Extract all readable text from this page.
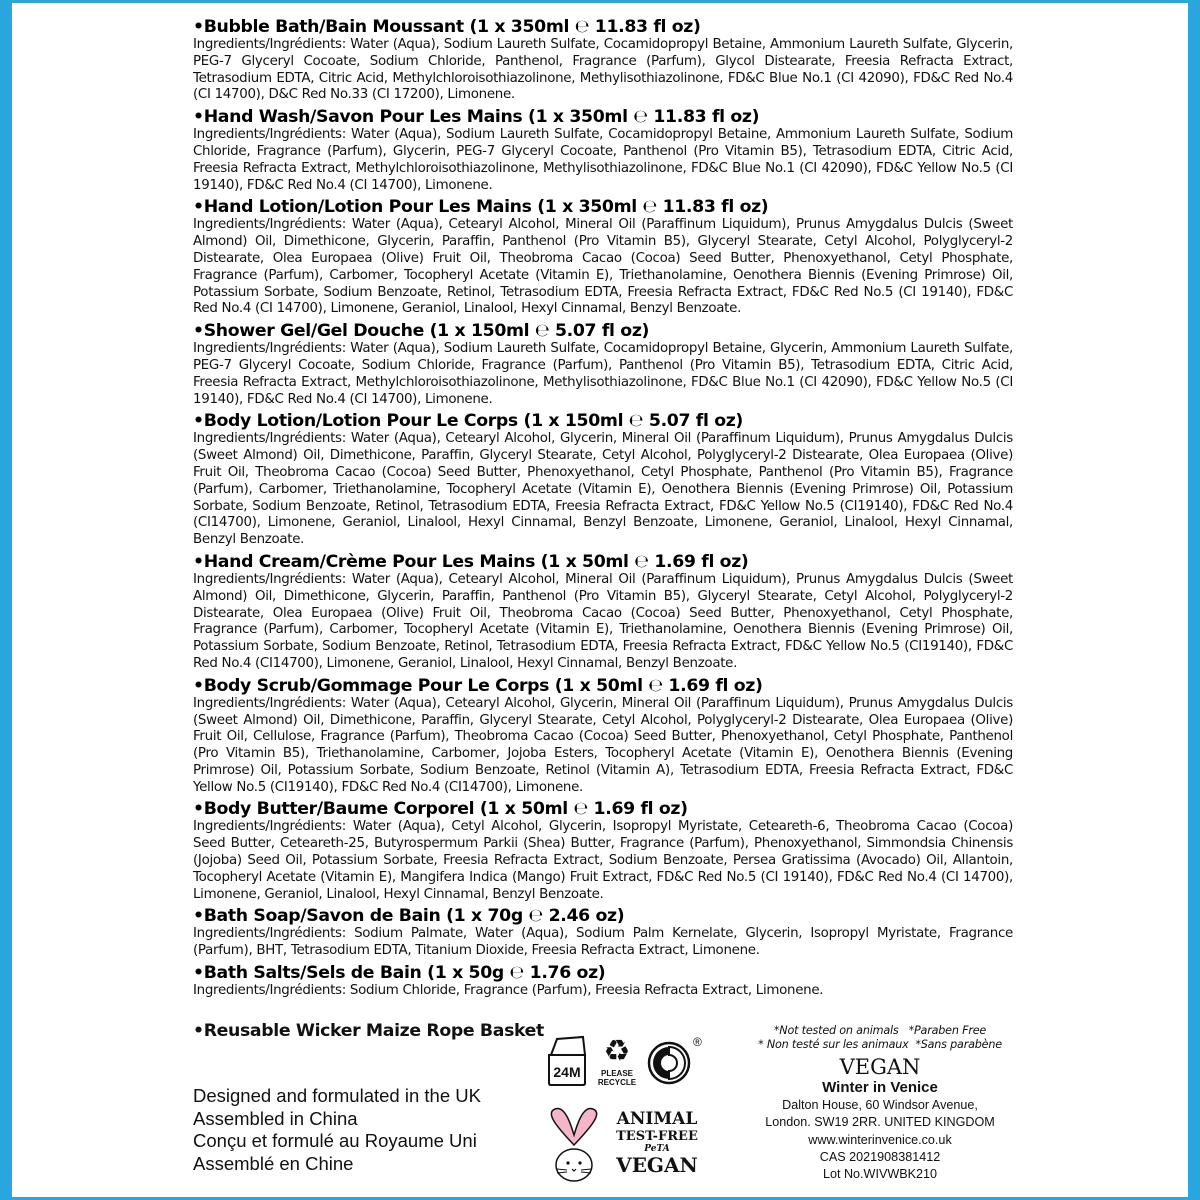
•Bubble Bath/Bain Moussant (1 x 350ml ℮ 11.83 fl oz)
Ingredients/Ingrédients: Water (Aqua), Sodium Laureth Sulfate, Cocamidopropyl Betaine, Ammonium Laureth Sulfate, Glycerin, PEG-7 Glyceryl Cocoate, Sodium Chloride, Panthenol, Fragrance (Parfum), Glycol Distearate, Freesia Refracta Extract, Tetrasodium EDTA, Citric Acid, Methylchloroisothiazolinone, Methylisothiazolinone, FD&C Blue No.1 (CI 42090), FD&C Red No.4 (CI 14700), D&C Red No.33 (CI 17200), Limonene.
•Hand Wash/Savon Pour Les Mains (1 x 350ml ℮ 11.83 fl oz)
Ingredients/Ingrédients: Water (Aqua), Sodium Laureth Sulfate, Cocamidopropyl Betaine, Ammonium Laureth Sulfate, Sodium Chloride, Fragrance (Parfum), Glycerin, PEG-7 Glyceryl Cocoate, Panthenol (Pro Vitamin B5), Tetrasodium EDTA, Citric Acid, Freesia Refracta Extract, Methylchloroisothiazolinone, Methylisothiazolinone, FD&C Blue No.1 (CI 42090), FD&C Yellow No.5 (CI 19140), FD&C Red No.4 (CI 14700), Limonene.
•Hand Lotion/Lotion Pour Les Mains (1 x 350ml ℮ 11.83 fl oz)
Ingredients/Ingrédients: Water (Aqua), Cetearyl Alcohol, Mineral Oil (Paraffinum Liquidum), Prunus Amygdalus Dulcis (Sweet Almond) Oil, Dimethicone, Glycerin, Paraffin, Panthenol (Pro Vitamin B5), Glyceryl Stearate, Cetyl Alcohol, Polyglyceryl-2 Distearate, Olea Europaea (Olive) Fruit Oil, Theobroma Cacao (Cocoa) Seed Butter, Phenoxyethanol, Cetyl Phosphate, Fragrance (Parfum), Carbomer, Tocopheryl Acetate (Vitamin E), Triethanolamine, Oenothera Biennis (Evening Primrose) Oil, Potassium Sorbate, Sodium Benzoate, Retinol, Tetrasodium EDTA, Freesia Refracta Extract, FD&C Red No.5 (CI 19140), FD&C Red No.4 (CI 14700), Limonene, Geraniol, Linalool, Hexyl Cinnamal, Benzyl Benzoate.
•Shower Gel/Gel Douche (1 x 150ml ℮ 5.07 fl oz)
Ingredients/Ingrédients: Water (Aqua), Sodium Laureth Sulfate, Cocamidopropyl Betaine, Glycerin, Ammonium Laureth Sulfate, PEG-7 Glyceryl Cocoate, Sodium Chloride, Fragrance (Parfum), Panthenol (Pro Vitamin B5), Tetrasodium EDTA, Citric Acid, Freesia Refracta Extract, Methylchloroisothiazolinone, Methylisothiazolinone, FD&C Blue No.1 (CI 42090), FD&C Yellow No.5 (CI 19140), FD&C Red No.4 (CI 14700), Limonene.
•Body Lotion/Lotion Pour Le Corps (1 x 150ml ℮ 5.07 fl oz)
Ingredients/Ingrédients: Water (Aqua), Cetearyl Alcohol, Glycerin, Mineral Oil (Paraffinum Liquidum), Prunus Amygdalus Dulcis (Sweet Almond) Oil, Dimethicone, Paraffin, Glyceryl Stearate, Cetyl Alcohol, Polyglyceryl-2 Distearate, Olea Europaea (Olive) Fruit Oil, Theobroma Cacao (Cocoa) Seed Butter, Phenoxyethanol, Cetyl Phosphate, Panthenol (Pro Vitamin B5), Fragrance (Parfum), Carbomer, Triethanolamine, Tocopheryl Acetate (Vitamin E), Oenothera Biennis (Evening Primrose) Oil, Potassium Sorbate, Sodium Benzoate, Retinol, Tetrasodium EDTA, Freesia Refracta Extract, FD&C Yellow No.5 (CI19140), FD&C Red No.4 (CI14700), Limonene, Geraniol, Linalool, Hexyl Cinnamal, Benzyl Benzoate, Limonene, Geraniol, Linalool, Hexyl Cinnamal, Benzyl Benzoate.
•Hand Cream/Crème Pour Les Mains (1 x 50ml ℮ 1.69 fl oz)
Ingredients/Ingrédients: Water (Aqua), Cetearyl Alcohol, Mineral Oil (Paraffinum Liquidum), Prunus Amygdalus Dulcis (Sweet Almond) Oil, Dimethicone, Glycerin, Paraffin, Panthenol (Pro Vitamin B5), Glyceryl Stearate, Cetyl Alcohol, Polyglyceryl-2 Distearate, Olea Europaea (Olive) Fruit Oil, Theobroma Cacao (Cocoa) Seed Butter, Phenoxyethanol, Cetyl Phosphate, Fragrance (Parfum), Carbomer, Tocopheryl Acetate (Vitamin E), Triethanolamine, Oenothera Biennis (Evening Primrose) Oil, Potassium Sorbate, Sodium Benzoate, Retinol, Tetrasodium EDTA, Freesia Refracta Extract, FD&C Yellow No.5 (CI19140), FD&C Red No.4 (CI14700), Limonene, Geraniol, Linalool, Hexyl Cinnamal, Benzyl Benzoate.
•Body Scrub/Gommage Pour Le Corps (1 x 50ml ℮ 1.69 fl oz)
Ingredients/Ingrédients: Water (Aqua), Cetearyl Alcohol, Glycerin, Mineral Oil (Paraffinum Liquidum), Prunus Amygdalus Dulcis (Sweet Almond) Oil, Dimethicone, Paraffin, Glyceryl Stearate, Cetyl Alcohol, Polyglyceryl-2 Distearate, Olea Europaea (Olive) Fruit Oil, Cellulose, Fragrance (Parfum), Theobroma Cacao (Cocoa) Seed Butter, Phenoxyethanol, Cetyl Phosphate, Panthenol (Pro Vitamin B5), Triethanolamine, Carbomer, Jojoba Esters, Tocopheryl Acetate (Vitamin E), Oenothera Biennis (Evening Primrose) Oil, Potassium Sorbate, Sodium Benzoate, Retinol (Vitamin A), Tetrasodium EDTA, Freesia Refracta Extract, FD&C Yellow No.5 (CI19140), FD&C Red No.4 (CI14700), Limonene.
•Body Butter/Baume Corporel (1 x 50ml ℮ 1.69 fl oz)
Ingredients/Ingrédients: Water (Aqua), Cetyl Alcohol, Glycerin, Isopropyl Myristate, Ceteareth-6, Theobroma Cacao (Cocoa) Seed Butter, Ceteareth-25, Butyrospermum Parkii (Shea) Butter, Fragrance (Parfum), Phenoxyethanol, Simmondsia Chinensis (Jojoba) Seed Oil, Potassium Sorbate, Freesia Refracta Extract, Sodium Benzoate, Persea Gratissima (Avocado) Oil, Allantoin, Tocopheryl Acetate (Vitamin E), Mangifera Indica (Mango) Fruit Extract, FD&C Red No.5 (CI 19140), FD&C Red No.4 (CI 14700), Limonene, Geraniol, Linalool, Hexyl Cinnamal, Benzyl Benzoate.
•Bath Soap/Savon de Bain (1 x 70g ℮ 2.46 oz)
Ingredients/Ingrédients: Sodium Palmate, Water (Aqua), Sodium Palm Kernelate, Glycerin, Isopropyl Myristate, Fragrance (Parfum), BHT, Tetrasodium EDTA, Titanium Dioxide, Freesia Refracta Extract, Limonene.
•Bath Salts/Sels de Bain (1 x 50g ℮ 1.76 oz)
Ingredients/Ingrédients: Sodium Chloride, Fragrance (Parfum), Freesia Refracta Extract, Limonene.
•Reusable Wicker Maize Rope Basket
Designed and formulated in the UK
Assembled in China
Conçu et formulé au Royaume Uni
Assemblé en Chine
24M
♻
PLEASE
RECYCLE
®
ANIMAL
TEST-FREE
PeTA
VEGAN
*Not tested on animals *Paraben Free
* Non testé sur les animaux *Sans parabène
VEGAN
Winter in Venice
Dalton House, 60 Windsor Avenue,
London. SW19 2RR. UNITED KINGDOM
www.winterinvenice.co.uk
CAS 2021908381412
Lot No.WIVWBK210
